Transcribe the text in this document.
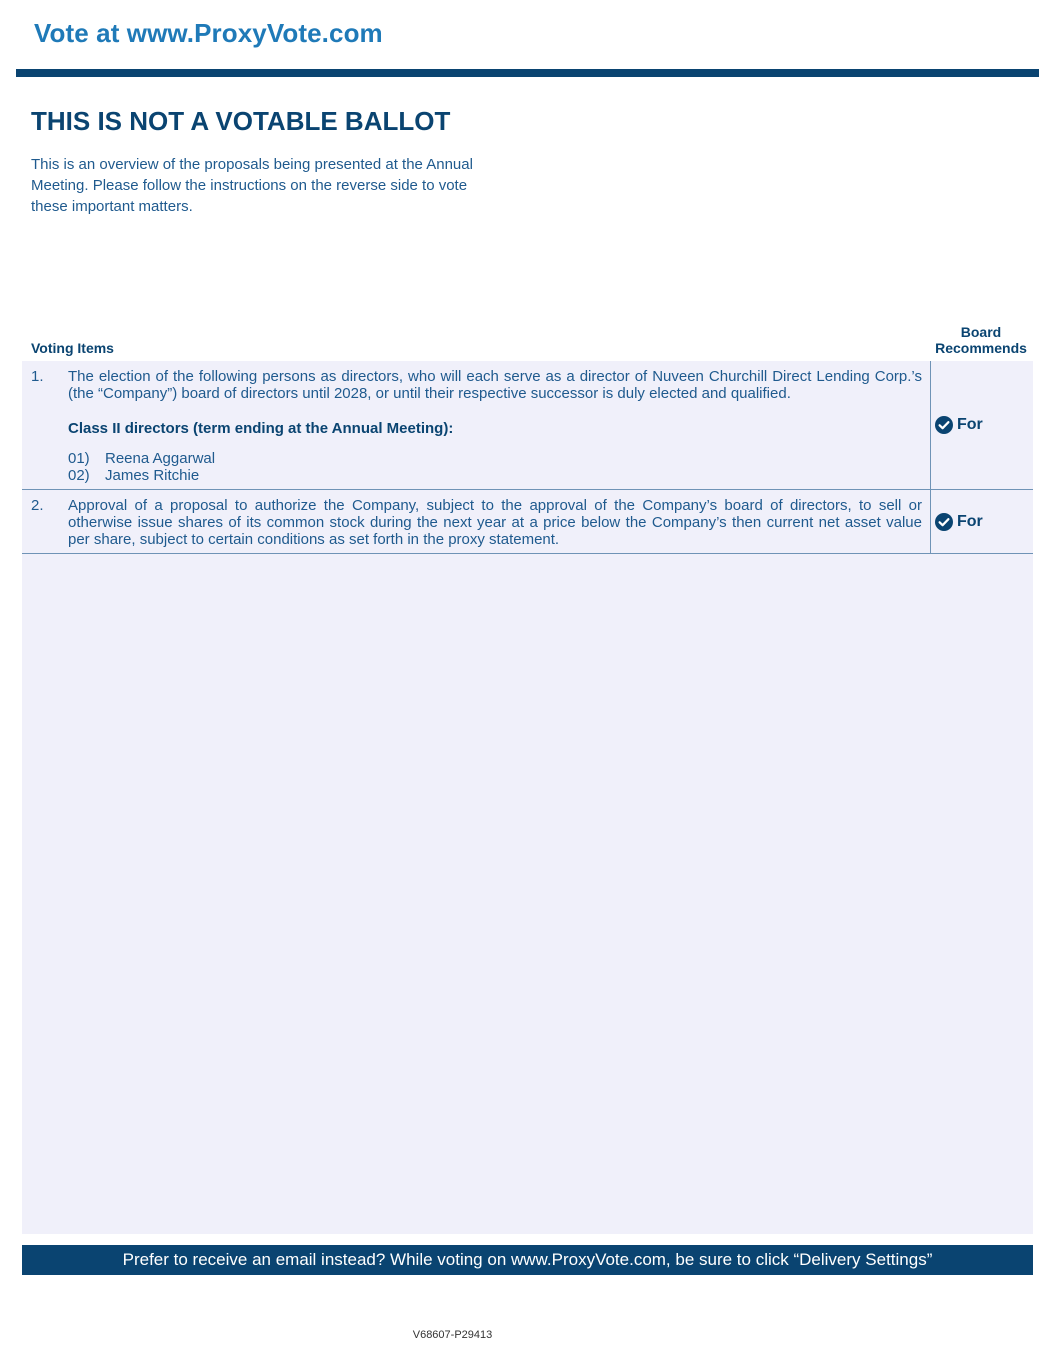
Vote at www.ProxyVote.com
THIS IS NOT A VOTABLE BALLOT
This is an overview of the proposals being presented at the Annual Meeting. Please follow the instructions on the reverse side to vote these important matters.
Voting Items
Board
Recommends
1. The election of the following persons as directors, who will each serve as a director of Nuveen Churchill Direct Lending Corp.’s (the “Company”) board of directors until 2028, or until their respective successor is duly elected and qualified.
Class II directors (term ending at the Annual Meeting):
01) Reena Aggarwal
02) James Ritchie
For
2. Approval of a proposal to authorize the Company, subject to the approval of the Company’s board of directors, to sell or otherwise issue shares of its common stock during the next year at a price below the Company’s then current net asset value per share, subject to certain conditions as set forth in the proxy statement.
For
Prefer to receive an email instead? While voting on www.ProxyVote.com, be sure to click “Delivery Settings”
V68607-P29413
